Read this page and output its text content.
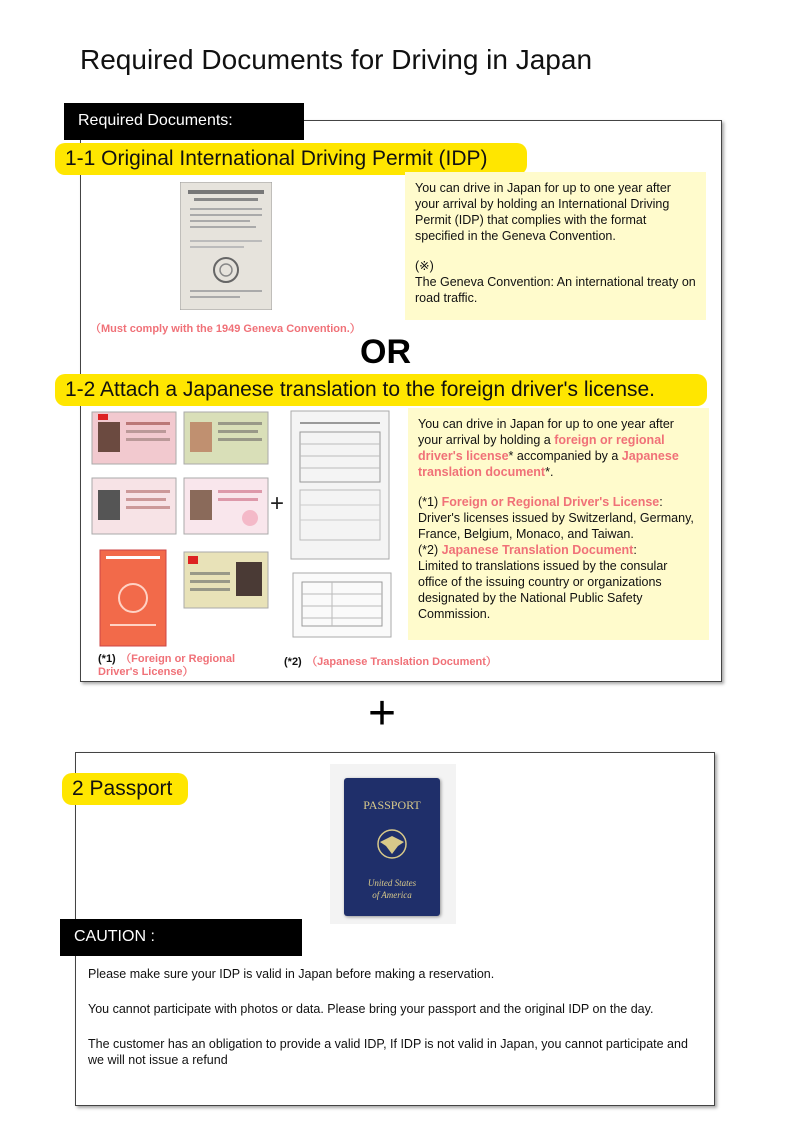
Required Documents for Driving in Japan
Required Documents:
1-1 Original International Driving Permit (IDP)
（Must comply with the 1949 Geneva Convention.）
You can drive in Japan for up to one year after your arrival by holding an International Driving Permit (IDP) that complies with the format specified in the Geneva Convention.
(※)
The Geneva Convention: An international treaty on road traffic.
OR
1-2 Attach a Japanese translation to the foreign driver's license.
+
You can drive in Japan for up to one year after your arrival by holding a foreign or regional driver's license* accompanied by a Japanese translation document*.
(*1) Foreign or Regional Driver's License:
Driver's licenses issued by Switzerland, Germany, France, Belgium, Monaco, and Taiwan.
(*2) Japanese Translation Document:
Limited to translations issued by the consular office of the issuing country or organizations designated by the National Public Safety Commission.
(*1) （Foreign or Regional Driver's License）
(*2) （Japanese Translation Document）
+
2 Passport
PASSPORT
United States
of America
CAUTION :

Please make sure your IDP is valid in Japan before making a reservation.

You cannot participate with photos or data. Please bring your passport and the original IDP on the day.

The customer has an obligation to provide a valid IDP, If IDP is not valid in Japan, you cannot participate and we will not issue a refund
